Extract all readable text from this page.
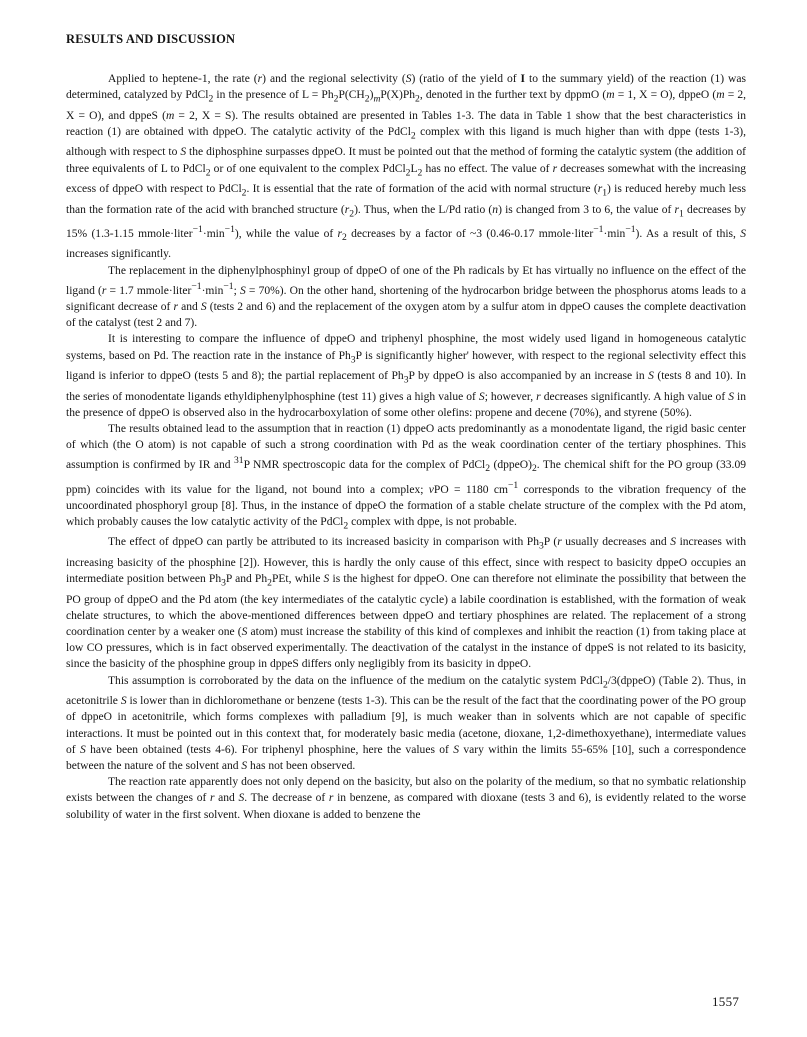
RESULTS AND DISCUSSION

Applied to heptene-1, the rate (r) and the regional selectivity (S) (ratio of the yield of I to the summary yield) of the reaction (1) was determined, catalyzed by PdCl$_2$ in the presence of $L = Ph_2P(CH_2)_mP(X)Ph_2$, denoted in the further text by dppmO (m = 1, X = O), dppeO (m = 2, X = O), and dppeS (m = 2, X = S). The results obtained are presented in Tables 1-3. The data in Table 1 show that the best characteristics in reaction (1) are obtained with dppeO. The catalytic activity of the PdCl$_2$ complex with this ligand is much higher than with dppe (tests 1-3), although with respect to S the diphosphine surpasses dppeO. It must be pointed out that the method of forming the catalytic system (the addition of three equivalents of L to PdCl$_2$ or of one equivalent to the complex $PdCl_2L_2$ has no effect. The value of r decreases somewhat with the increasing excess of dppeO with respect to PdCl$_2$. It is essential that the rate of formation of the acid with normal structure $(r_1)$ is reduced hereby much less than the formation rate of the acid with branched structure $(r_2)$. Thus, when the L/Pd ratio (n) is changed from 3 to 6, the value of $r_1$ decreases by 15% (1.3-1.15 $mmole\cdot liter^{-1}\cdot\min^{-1}$), while the value of $r_2$ decreases by a factor of ~3 (0.46-0.17 $mmole\cdot liter^{-1}\cdot\min^{-1}$). As a result of this, S increases significantly.

The replacement in the diphenylphosphinyl group of dppeO of one of the Ph radicals by Et has virtually no influence on the effect of the ligand (r = 1.7 $mmole\cdot liter^{-1}\cdot\min^{-1}$; S = 70%). On the other hand, shortening of the hydrocarbon bridge between the phosphorus atoms leads to a significant decrease of r and S (tests 2 and 6) and the replacement of the oxygen atom by a sulfur atom in dppeO causes the complete deactivation of the catalyst (test 2 and 7).

It is interesting to compare the influence of dppeO and triphenyl phosphine, the most widely used ligand in homogeneous catalytic systems, based on Pd. The reaction rate in the instance of $Ph_3P$ is significantly higher' however, with respect to the regional selectivity effect this ligand is inferior to dppeO (tests 5 and 8); the partial replacement of $Ph_3P$ by dppeO is also accompanied by an increase in S (tests 8 and 10). In the series of monodentate ligands ethyldiphenylphosphine (test 11) gives a high value of S; however, r decreases significantly. A high value of S in the presence of dppeO is observed also in the hydrocarboxylation of some other olefins: propene and decene (70%), and styrene (50%).

The results obtained lead to the assumption that in reaction (1) dppeO acts predominantly as a monodentate ligand, the rigid basic center of which (the O atom) is not capable of such a strong coordination with Pd as the weak coordination center of the tertiary phosphines. This assumption is confirmed by IR and $^{31}$P NMR spectroscopic data for the complex of PdCl$_2$ $(dppeO)_2$. The chemical shift for the PO group (33.09 ppm) coincides with its value for the ligand, not bound into a complex; νPO = 1180 $cm^{-1}$ corresponds to the vibration frequency of the uncoordinated phosphoryl group [8]. Thus, in the instance of dppeO the formation of a stable chelate structure of the complex with the Pd atom, which probably causes the low catalytic activity of the PdCl$_2$ complex with dppe, is not probable.

The effect of dppeO can partly be attributed to its increased basicity in comparison with $Ph_3P$ (r usually decreases and S increases with increasing basicity of the phosphine [2]). However, this is hardly the only cause of this effect, since with respect to basicity dppeO occupies an intermediate position between $Ph_3P$ and $Ph_2PEt$, while S is the highest for dppeO. One can therefore not eliminate the possibility that between the PO group of dppeO and the Pd atom (the key intermediates of the catalytic cycle) a labile coordination is established, with the formation of weak chelate structures, to which the above-mentioned differences between dppeO and tertiary phosphines are related. The replacement of a strong coordination center by a weaker one (S atom) must increase the stability of this kind of complexes and inhibit the reaction (1) from taking place at low CO pressures, which is in fact observed experimentally. The deactivation of the catalyst in the instance of dppeS is not related to its basicity, since the basicity of the phosphine group in dppeS differs only negligibly from its basicity in dppeO.

This assumption is corroborated by the data on the influence of the medium on the catalytic system PdCl$_2$/3(dppeO) (Table 2). Thus, in acetonitrile S is lower than in dichloromethane or benzene (tests 1-3). This can be the result of the fact that the coordinating power of the PO group of dppeO in acetonitrile, which forms complexes with palladium [9], is much weaker than in solvents which are not capable of specific interactions. It must be pointed out in this context that, for moderately basic media (acetone, dioxane, 1,2-dimethoxyethane), intermediate values of S have been obtained (tests 4-6). For triphenyl phosphine, here the values of S vary within the limits 55-65% [10], such a correspondence between the nature of the solvent and S has not been observed.

The reaction rate apparently does not only depend on the basicity, but also on the polarity of the medium, so that no symbatic relationship exists between the changes of r and S. The decrease of r in benzene, as compared with dioxane (tests 3 and 6), is evidently related to the worse solubility of water in the first solvent. When dioxane is added to benzene the

1557
